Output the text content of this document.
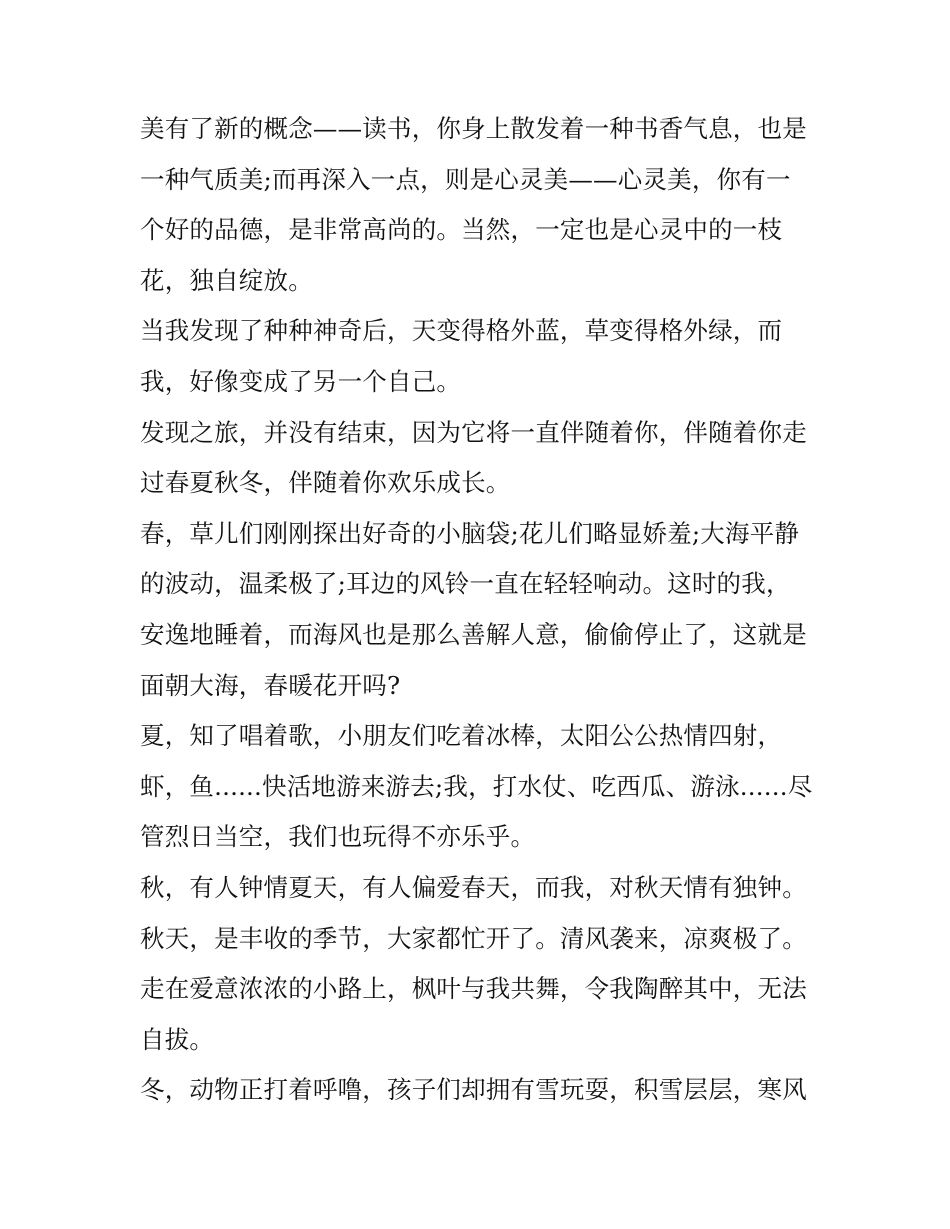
美有了新的概念——读书，你身上散发着一种书香气息，也是
一种气质美;而再深入一点，则是心灵美——心灵美，你有一
个好的品德，是非常高尚的。当然，一定也是心灵中的一枝
花，独自绽放。
当我发现了种种神奇后，天变得格外蓝，草变得格外绿，而
我，好像变成了另一个自己。
发现之旅，并没有结束，因为它将一直伴随着你，伴随着你走
过春夏秋冬，伴随着你欢乐成长。
春，草儿们刚刚探出好奇的小脑袋;花儿们略显娇羞;大海平静
的波动，温柔极了;耳边的风铃一直在轻轻响动。这时的我，
安逸地睡着，而海风也是那么善解人意，偷偷停止了，这就是
面朝大海，春暖花开吗?
夏，知了唱着歌，小朋友们吃着冰棒，太阳公公热情四射，
虾，鱼......快活地游来游去;我，打水仗、吃西瓜、游泳......尽
管烈日当空，我们也玩得不亦乐乎。
秋，有人钟情夏天，有人偏爱春天，而我，对秋天情有独钟。
秋天，是丰收的季节，大家都忙开了。清风袭来，凉爽极了。
走在爱意浓浓的小路上，枫叶与我共舞，令我陶醉其中，无法
自拔。
冬，动物正打着呼噜，孩子们却拥有雪玩耍，积雪层层，寒风
